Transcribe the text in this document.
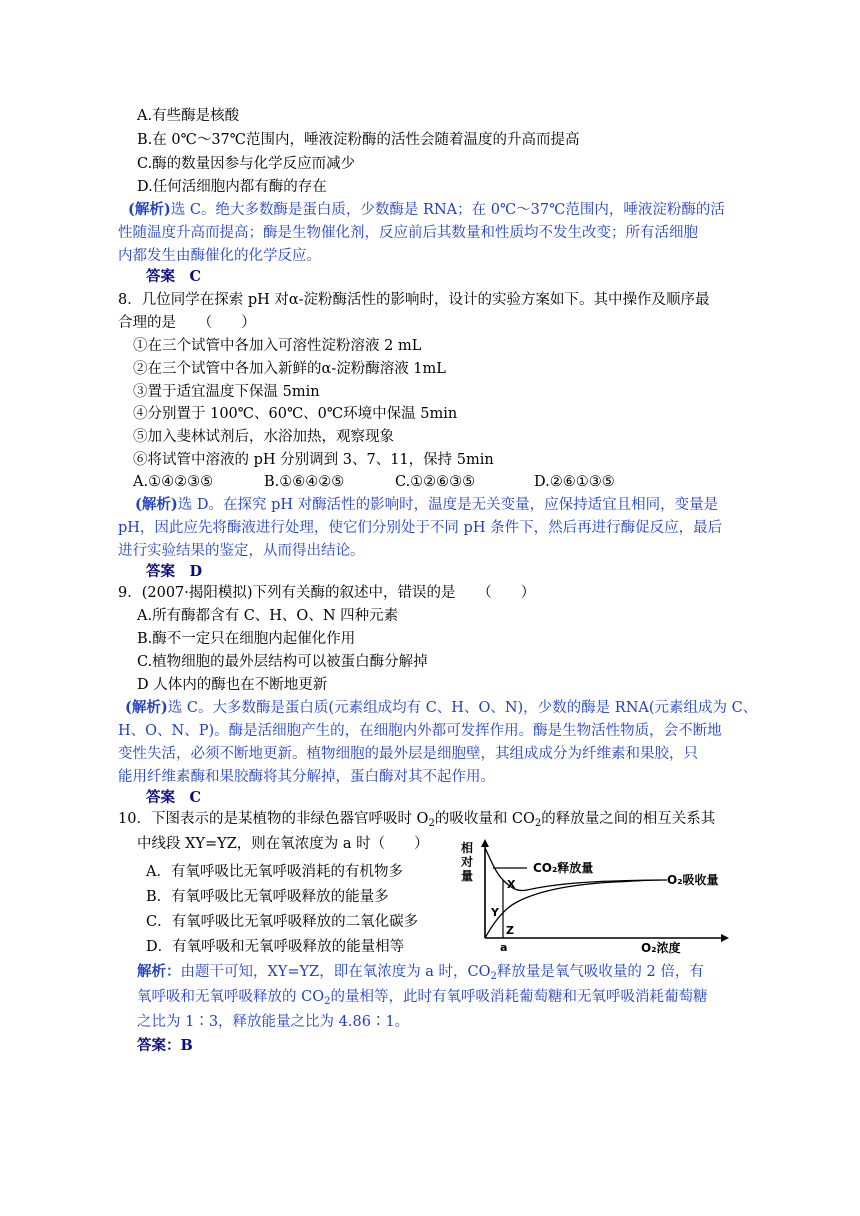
A.有些酶是核酸
B.在 0℃～37℃范围内，唾液淀粉酶的活性会随着温度的升高而提高
C.酶的数量因参与化学反应而减少
D.任何活细胞内都有酶的存在
(解析)选 C。绝大多数酶是蛋白质，少数酶是 RNA；在 0℃～37℃范围内，唾液淀粉酶的活
性随温度升高而提高；酶是生物催化剂，反应前后其数量和性质均不发生改变；所有活细胞
内都发生由酶催化的化学反应。
答案　C
8．几位同学在探索 pH 对α-淀粉酶活性的影响时，设计的实验方案如下。其中操作及顺序最
合理的是　　（　　）
①在三个试管中各加入可溶性淀粉溶液 2 mL
②在三个试管中各加入新鲜的α-淀粉酶溶液 1mL
③置于适宜温度下保温 5min
④分别置于 100℃、60℃、0℃环境中保温 5min
⑤加入斐林试剂后，水浴加热，观察现象
⑥将试管中溶液的 pH 分别调到 3、7、11，保持 5min
A.①④②③⑤	B.①⑥④②⑤	C.①②⑥③⑤	D.②⑥①③⑤
(解析)选 D。在探究 pH 对酶活性的影响时，温度是无关变量，应保持适宜且相同，变量是
pH，因此应先将酶液进行处理，使它们分别处于不同 pH 条件下，然后再进行酶促反应，最后
进行实验结果的鉴定，从而得出结论。
答案　D
9．(2007·揭阳模拟)下列有关酶的叙述中，错误的是　　（　　）
A.所有酶都含有 C、H、O、N 四种元素
B.酶不一定只在细胞内起催化作用
C.植物细胞的最外层结构可以被蛋白酶分解掉
D 人体内的酶也在不断地更新
(解析)选 C。大多数酶是蛋白质(元素组成均有 C、H、O、N)，少数的酶是 RNA(元素组成为 C、
H、O、N、P)。酶是活细胞产生的，在细胞内外都可发挥作用。酶是生物活性物质，会不断地
变性失活，必须不断地更新。植物细胞的最外层是细胞壁，其组成成分为纤维素和果胶，只
能用纤维素酶和果胶酶将其分解掉，蛋白酶对其不起作用。
答案　C
10．下图表示的是某植物的非绿色器官呼吸时 $O_2$的吸收量和 $CO_2$的释放量之间的相互关系其
中线段 XY=YZ，则在氧浓度为 a 时（　　）
A．有氧呼吸比无氧呼吸消耗的有机物多
B．有氧呼吸比无氧呼吸释放的能量多
C．有氧呼吸比无氧呼吸释放的二氧化碳多
D．有氧呼吸和无氧呼吸释放的能量相等
相
对
量
CO₂释放量
O₂吸收量
X
Y
Z
a	O₂浓度
解析：由题干可知，XY=YZ，即在氧浓度为 a 时，$CO_2$释放量是氧气吸收量的 2 倍，有
氧呼吸和无氧呼吸释放的 $CO_2$的量相等，此时有氧呼吸消耗葡萄糖和无氧呼吸消耗葡萄糖
之比为 1∶3，释放能量之比为 4.86∶1。
答案：B
